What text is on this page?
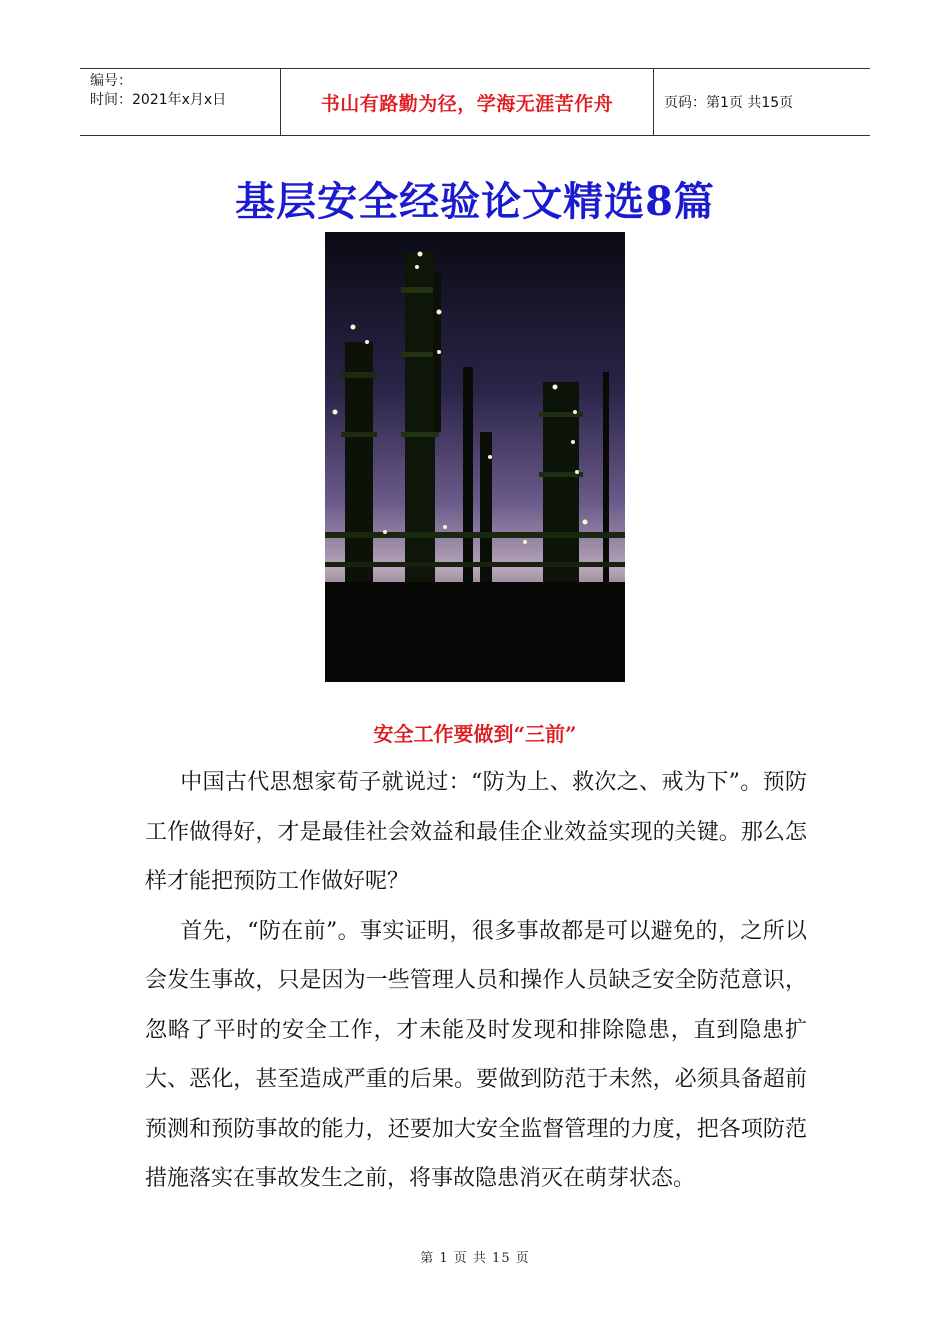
编号：
时间：2021年x月x日	书山有路勤为径，学海无涯苦作舟	页码：第1页 共15页
基层安全经验论文精选8篇
安全工作要做到“三前”

中国古代思想家荀子就说过：“防为上、救次之、戒为下”。预防工作做得好，才是最佳社会效益和最佳企业效益实现的关键。那么怎样才能把预防工作做好呢？

首先，“防在前”。事实证明，很多事故都是可以避免的，之所以会发生事故，只是因为一些管理人员和操作人员缺乏安全防范意识，忽略了平时的安全工作，才未能及时发现和排除隐患，直到隐患扩大、恶化，甚至造成严重的后果。要做到防范于未然，必须具备超前预测和预防事故的能力，还要加大安全监督管理的力度，把各项防范措施落实在事故发生之前，将事故隐患消灭在萌芽状态。

第 1 页 共 15 页
